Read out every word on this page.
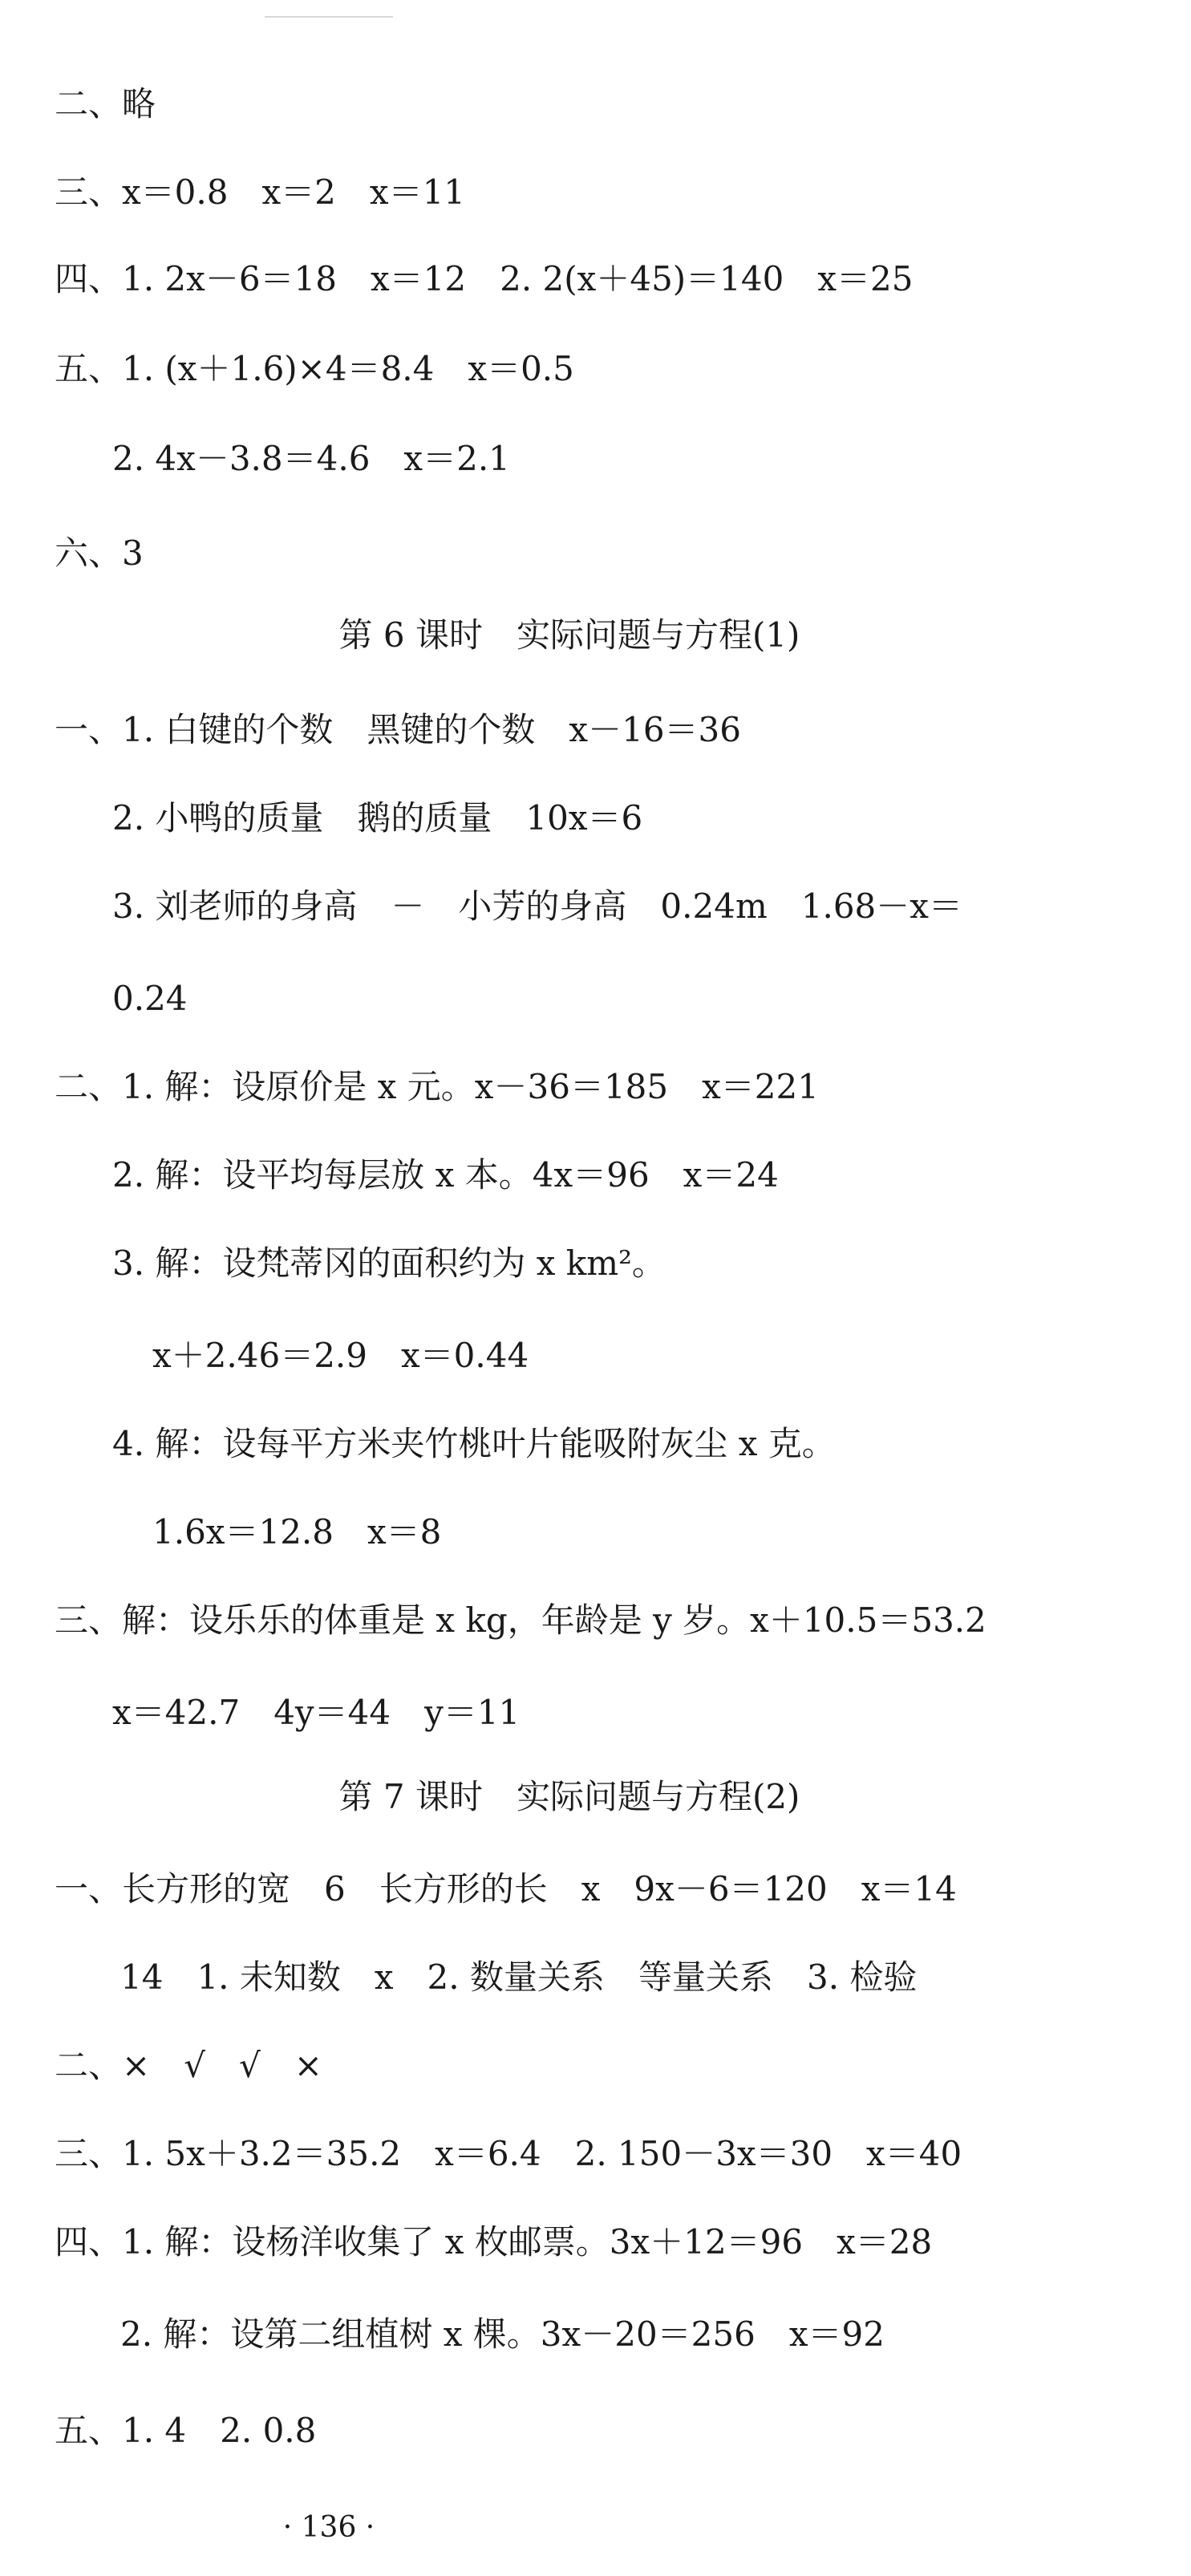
二、略
三、x＝0.8　x＝2　x＝11
四、1. 2x－6＝18　x＝12　2. 2(x＋45)＝140　x＝25
五、1. (x＋1.6)×4＝8.4　x＝0.5
2. 4x－3.8＝4.6　x＝2.1
六、3
第 6 课时　实际问题与方程(1)
一、1. 白键的个数　黑键的个数　x－16＝36
2. 小鸭的质量　鹅的质量　10x＝6
3. 刘老师的身高　－　小芳的身高　0.24m　1.68－x＝
0.24
二、1. 解：设原价是 x 元。x－36＝185　x＝221
2. 解：设平均每层放 x 本。4x＝96　x＝24
3. 解：设梵蒂冈的面积约为 x km²。
x＋2.46＝2.9　x＝0.44
4. 解：设每平方米夹竹桃叶片能吸附灰尘 x 克。
1.6x＝12.8　x＝8
三、解：设乐乐的体重是 x kg，年龄是 y 岁。x＋10.5＝53.2
x＝42.7　4y＝44　y＝11
第 7 课时　实际问题与方程(2)
一、长方形的宽　6　长方形的长　x　9x－6＝120　x＝14
14　1. 未知数　x　2. 数量关系　等量关系　3. 检验
二、×　√　√　×
三、1. 5x＋3.2＝35.2　x＝6.4　2. 150－3x＝30　x＝40
四、1. 解：设杨洋收集了 x 枚邮票。3x＋12＝96　x＝28
2. 解：设第二组植树 x 棵。3x－20＝256　x＝92
五、1. 4　2. 0.8
· 136 ·
